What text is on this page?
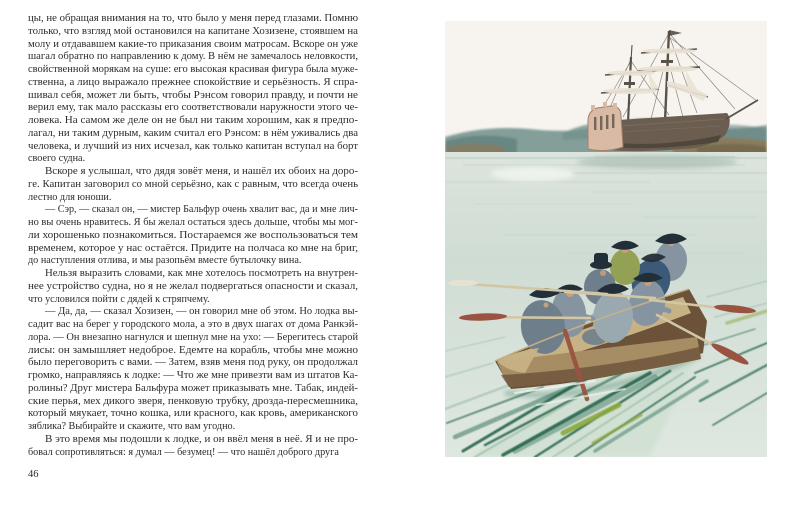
цы, не обращая внимания на то, что было у меня перед глазами. Помню
только, что взгляд мой остановился на капитане Хозизене, стоявшем на
молу и отдававшем какие-то приказания своим матросам. Вскоре он уже
шагал обратно по направлению к дому. В нём не замечалось неловкости,
свойственной морякам на суше: его высокая красивая фигура была муже-
ственна, а лицо выражало прежнее спокойствие и серьёзность. Я спра-
шивал себя, может ли быть, чтобы Рэнсом говорил правду, и почти не
верил ему, так мало рассказы его соответствовали наружности этого че-
ловека. На самом же деле он не был ни таким хорошим, как я предпо-
лагал, ни таким дурным, каким считал его Рэнсом: в нём уживались два
человека, и лучший из них исчезал, как только капитан вступал на борт
своего судна.
Вскоре я услышал, что дядя зовёт меня, и нашёл их обоих на доро-
ге. Капитан заговорил со мной серьёзно, как с равным, что всегда очень
лестно для юноши.
— Сэр, — сказал он, — мистер Бальфур очень хвалит вас, да и мне лич-
но вы очень нравитесь. Я бы желал остаться здесь дольше, чтобы мы мог-
ли хорошенько познакомиться. Постараемся же воспользоваться тем
временем, которое у нас остаётся. Придите на полчаса ко мне на бриг,
до наступления отлива, и мы разопьём вместе бутылочку вина.
Нельзя выразить словами, как мне хотелось посмотреть на внутрен-
нее устройство судна, но я не желал подвергаться опасности и сказал,
что условился пойти с дядей к стряпчему.
— Да, да, — сказал Хозизен, — он говорил мне об этом. Но лодка вы-
садит вас на берег у городского мола, а это в двух шагах от дома Ранкэй-
лора. — Он внезапно нагнулся и шепнул мне на ухо: — Берегитесь старой
лисы: он замышляет недоброе. Едемте на корабль, чтобы мне можно
было переговорить с вами. — Затем, взяв меня под руку, он продолжал
громко, направляясь к лодке: — Что же мне привезти вам из штатов Ка-
ролины? Друг мистера Бальфура может приказывать мне. Табак, индей-
ские перья, мех дикого зверя, пенковую трубку, дрозда-пересмешника,
который мяукает, точно кошка, или красного, как кровь, американского
зяблика? Выбирайте и скажите, что вам угодно.
В это время мы подошли к лодке, и он ввёл меня в неё. Я и не про-
бовал сопротивляться: я думал — безумец! — что нашёл доброго друга
46
